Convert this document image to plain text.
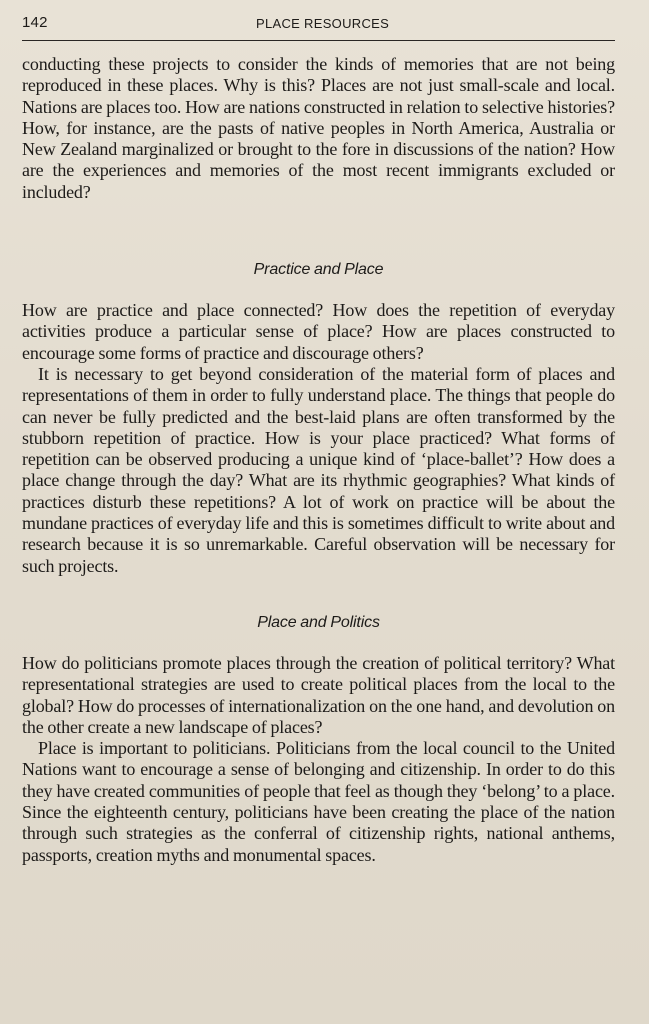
142	PLACE RESOURCES

conducting these projects to consider the kinds of memories that are not being reproduced in these places. Why is this? Places are not just small-scale and local. Nations are places too. How are nations constructed in relation to selective histories? How, for instance, are the pasts of native peoples in North America, Australia or New Zealand marginalized or brought to the fore in discussions of the nation? How are the experiences and memories of the most recent immigrants excluded or included?

Practice and Place

How are practice and place connected? How does the repetition of everyday activities produce a particular sense of place? How are places constructed to encourage some forms of practice and discourage others?

It is necessary to get beyond consideration of the material form of places and representations of them in order to fully understand place. The things that people do can never be fully predicted and the best-laid plans are often transformed by the stubborn repetition of practice. How is your place practiced? What forms of repetition can be observed producing a unique kind of ‘place-ballet’? How does a place change through the day? What are its rhythmic geographies? What kinds of practices disturb these repetitions? A lot of work on practice will be about the mundane practices of everyday life and this is sometimes difficult to write about and research because it is so unremarkable. Careful observation will be necessary for such projects.

Place and Politics

How do politicians promote places through the creation of political territory? What representational strategies are used to create political places from the local to the global? How do processes of internationalization on the one hand, and devolution on the other create a new landscape of places?

Place is important to politicians. Politicians from the local council to the United Nations want to encourage a sense of belonging and citizenship. In order to do this they have created communities of people that feel as though they ‘belong’ to a place. Since the eighteenth century, politicians have been creating the place of the nation through such strategies as the conferral of citizenship rights, national anthems, passports, creation myths and monumental spaces.
